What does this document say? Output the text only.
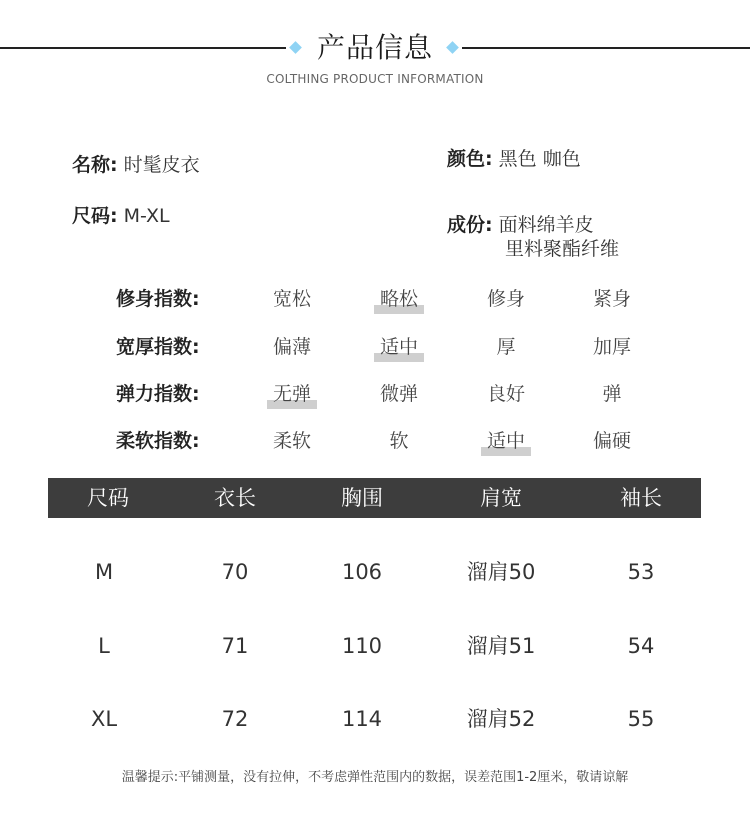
产品信息
COLTHING PRODUCT INFORMATION
名称: 时髦皮衣
尺码: M-XL
颜色: 黑色 咖色
成份: 面料绵羊皮
里料聚酯纤维
修身指数:	宽松	略松	修身	紧身
宽厚指数:	偏薄	适中	厚	加厚
弹力指数:	无弹	微弹	良好	弹
柔软指数:	柔软	软	适中	偏硬
尺码	衣长	胸围	肩宽	袖长
M	70	106	溜肩50	53
L	71	110	溜肩51	54
XL	72	114	溜肩52	55
温馨提示:平铺测量，没有拉伸，不考虑弹性范围内的数据，误差范围1-2厘米，敬请谅解
